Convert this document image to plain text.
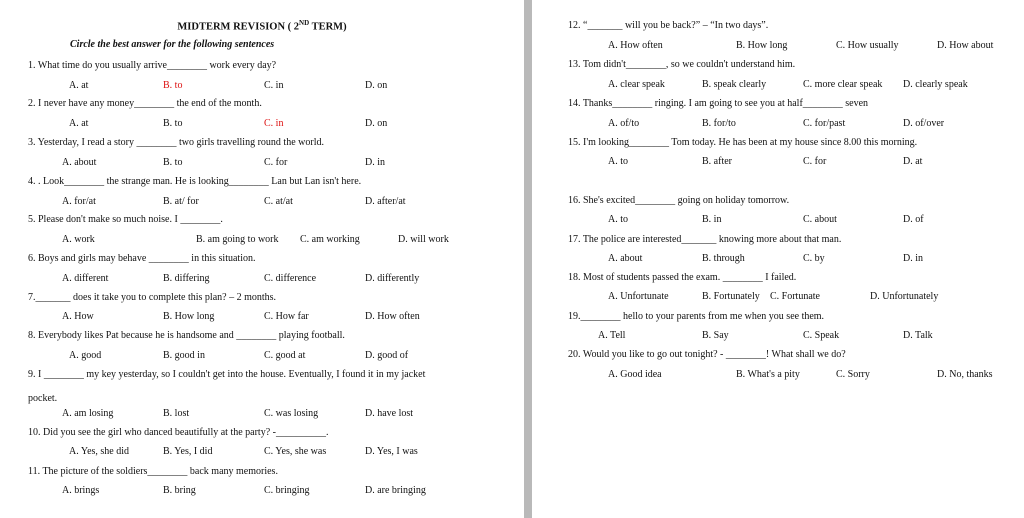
MIDTERM REVISION ( 2ND TERM)
Circle the best answer for the following sentences
pocket.
1. What time do you usually arrive________ work every day?
A. at	B. to	C. in	D. on
2. I never have any money________ the end of the month.
A. at	B. to	C. in	D. on
3. Yesterday, I read a story ________ two girls travelling round the world.
A. about	B. to	C. for	D. in
4. . Look________ the strange man. He is looking________ Lan but Lan isn't here.
A. for/at	B. at/ for	C. at/at	D. after/at
5. Please don't make so much noise. I ________.
A. work	B. am going to work C. am working	D. will work
6. Boys and girls may behave ________ in this situation.
A. different	B. differing	C. difference	D. differently
7._______ does it take you to complete this plan? – 2 months.
A. How	B. How long	C. How far	D. How often
8. Everybody likes Pat because he is handsome and ________ playing football.
A. good	B. good in	C. good at	D. good of
9. I ________ my key yesterday, so I couldn't get into the house. Eventually, I found it in my jacket
A. am losing	B. lost	C. was losing	D. have lost
10. Did you see the girl who danced beautifully at the party? -__________.
A. Yes, she did	B. Yes, I did	C. Yes, she was	D. Yes, I was
11. The picture of the soldiers________ back many memories.
A. brings	B. bring	C. bringing	D. are bringing
12. “_______ will you be back?” – “In two days”.
A. How often	B. How long	C. How usually	D. How about
13. Tom didn't________, so we couldn't understand him.
A. clear speak	B. speak clearly	C. more clear speak D. clearly speak
14. Thanks________ ringing. I am going to see you at half________ seven
A. of/to	B. for/to	C. for/past	D. of/over
15. I'm looking________ Tom today. He has been at my house since 8.00 this morning.
A. to	B. after	C. for	D. at
16. She's excited________ going on holiday tomorrow.
A. to	B. in	C. about	D. of
17. The police are interested_______ knowing more about that man.
A. about	B. through	C. by	D. in
18. Most of students passed the exam. ________ I failed.
A. Unfortunate	B. Fortunately C. Fortunate	D. Unfortunately
19.________ hello to your parents from me when you see them.
A. Tell	B. Say	C. Speak	D. Talk
20. Would you like to go out tonight? - ________! What shall we do?
A. Good idea	B. What's a pity	C. Sorry	D. No, thanks
